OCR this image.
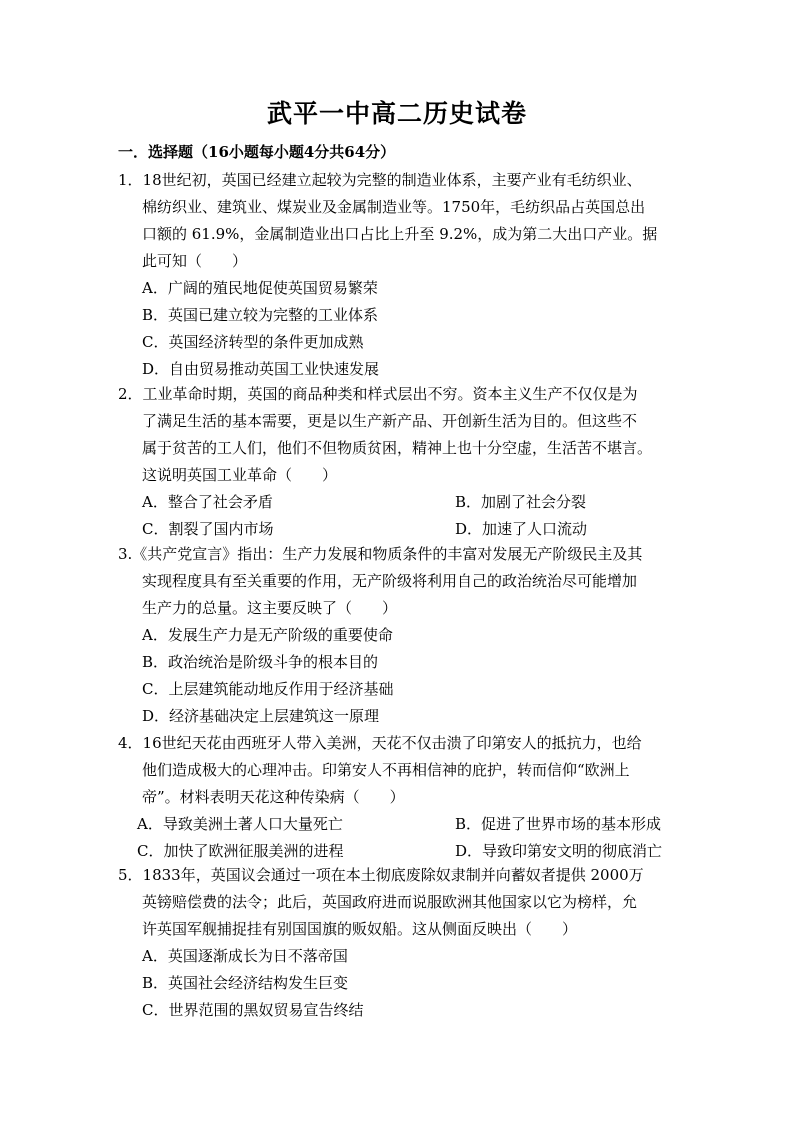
武平一中高二历史试卷
一．选择题（16小题每小题4分共64分）
1．18世纪初，英国已经建立起较为完整的制造业体系，主要产业有毛纺织业、
棉纺织业、建筑业、煤炭业及金属制造业等。1750年，毛纺织品占英国总出
口额的 61.9%，金属制造业出口占比上升至 9.2%，成为第二大出口产业。据
此可知（　　）
A．广阔的殖民地促使英国贸易繁荣
B．英国已建立较为完整的工业体系
C．英国经济转型的条件更加成熟
D．自由贸易推动英国工业快速发展
2．工业革命时期，英国的商品种类和样式层出不穷。资本主义生产不仅仅是为
了满足生活的基本需要，更是以生产新产品、开创新生活为目的。但这些不
属于贫苦的工人们，他们不但物质贫困，精神上也十分空虚，生活苦不堪言。
这说明英国工业革命（　　）
A．整合了社会矛盾	B．加剧了社会分裂
C．割裂了国内市场	D．加速了人口流动
3.《共产党宣言》指出：生产力发展和物质条件的丰富对发展无产阶级民主及其
实现程度具有至关重要的作用，无产阶级将利用自己的政治统治尽可能增加
生产力的总量。这主要反映了（　　）
A．发展生产力是无产阶级的重要使命
B．政治统治是阶级斗争的根本目的
C．上层建筑能动地反作用于经济基础
D．经济基础决定上层建筑这一原理
4．16世纪天花由西班牙人带入美洲，天花不仅击溃了印第安人的抵抗力，也给
他们造成极大的心理冲击。印第安人不再相信神的庇护，转而信仰“欧洲上
帝”。材料表明天花这种传染病（　　）
A．导致美洲土著人口大量死亡	B．促进了世界市场的基本形成
C．加快了欧洲征服美洲的进程	D．导致印第安文明的彻底消亡
5．1833年，英国议会通过一项在本土彻底废除奴隶制并向蓄奴者提供 2000万
英镑赔偿费的法令；此后，英国政府进而说服欧洲其他国家以它为榜样，允
许英国军舰捕捉挂有别国国旗的贩奴船。这从侧面反映出（　　）
A．英国逐渐成长为日不落帝国
B．英国社会经济结构发生巨变
C．世界范围的黑奴贸易宣告终结
